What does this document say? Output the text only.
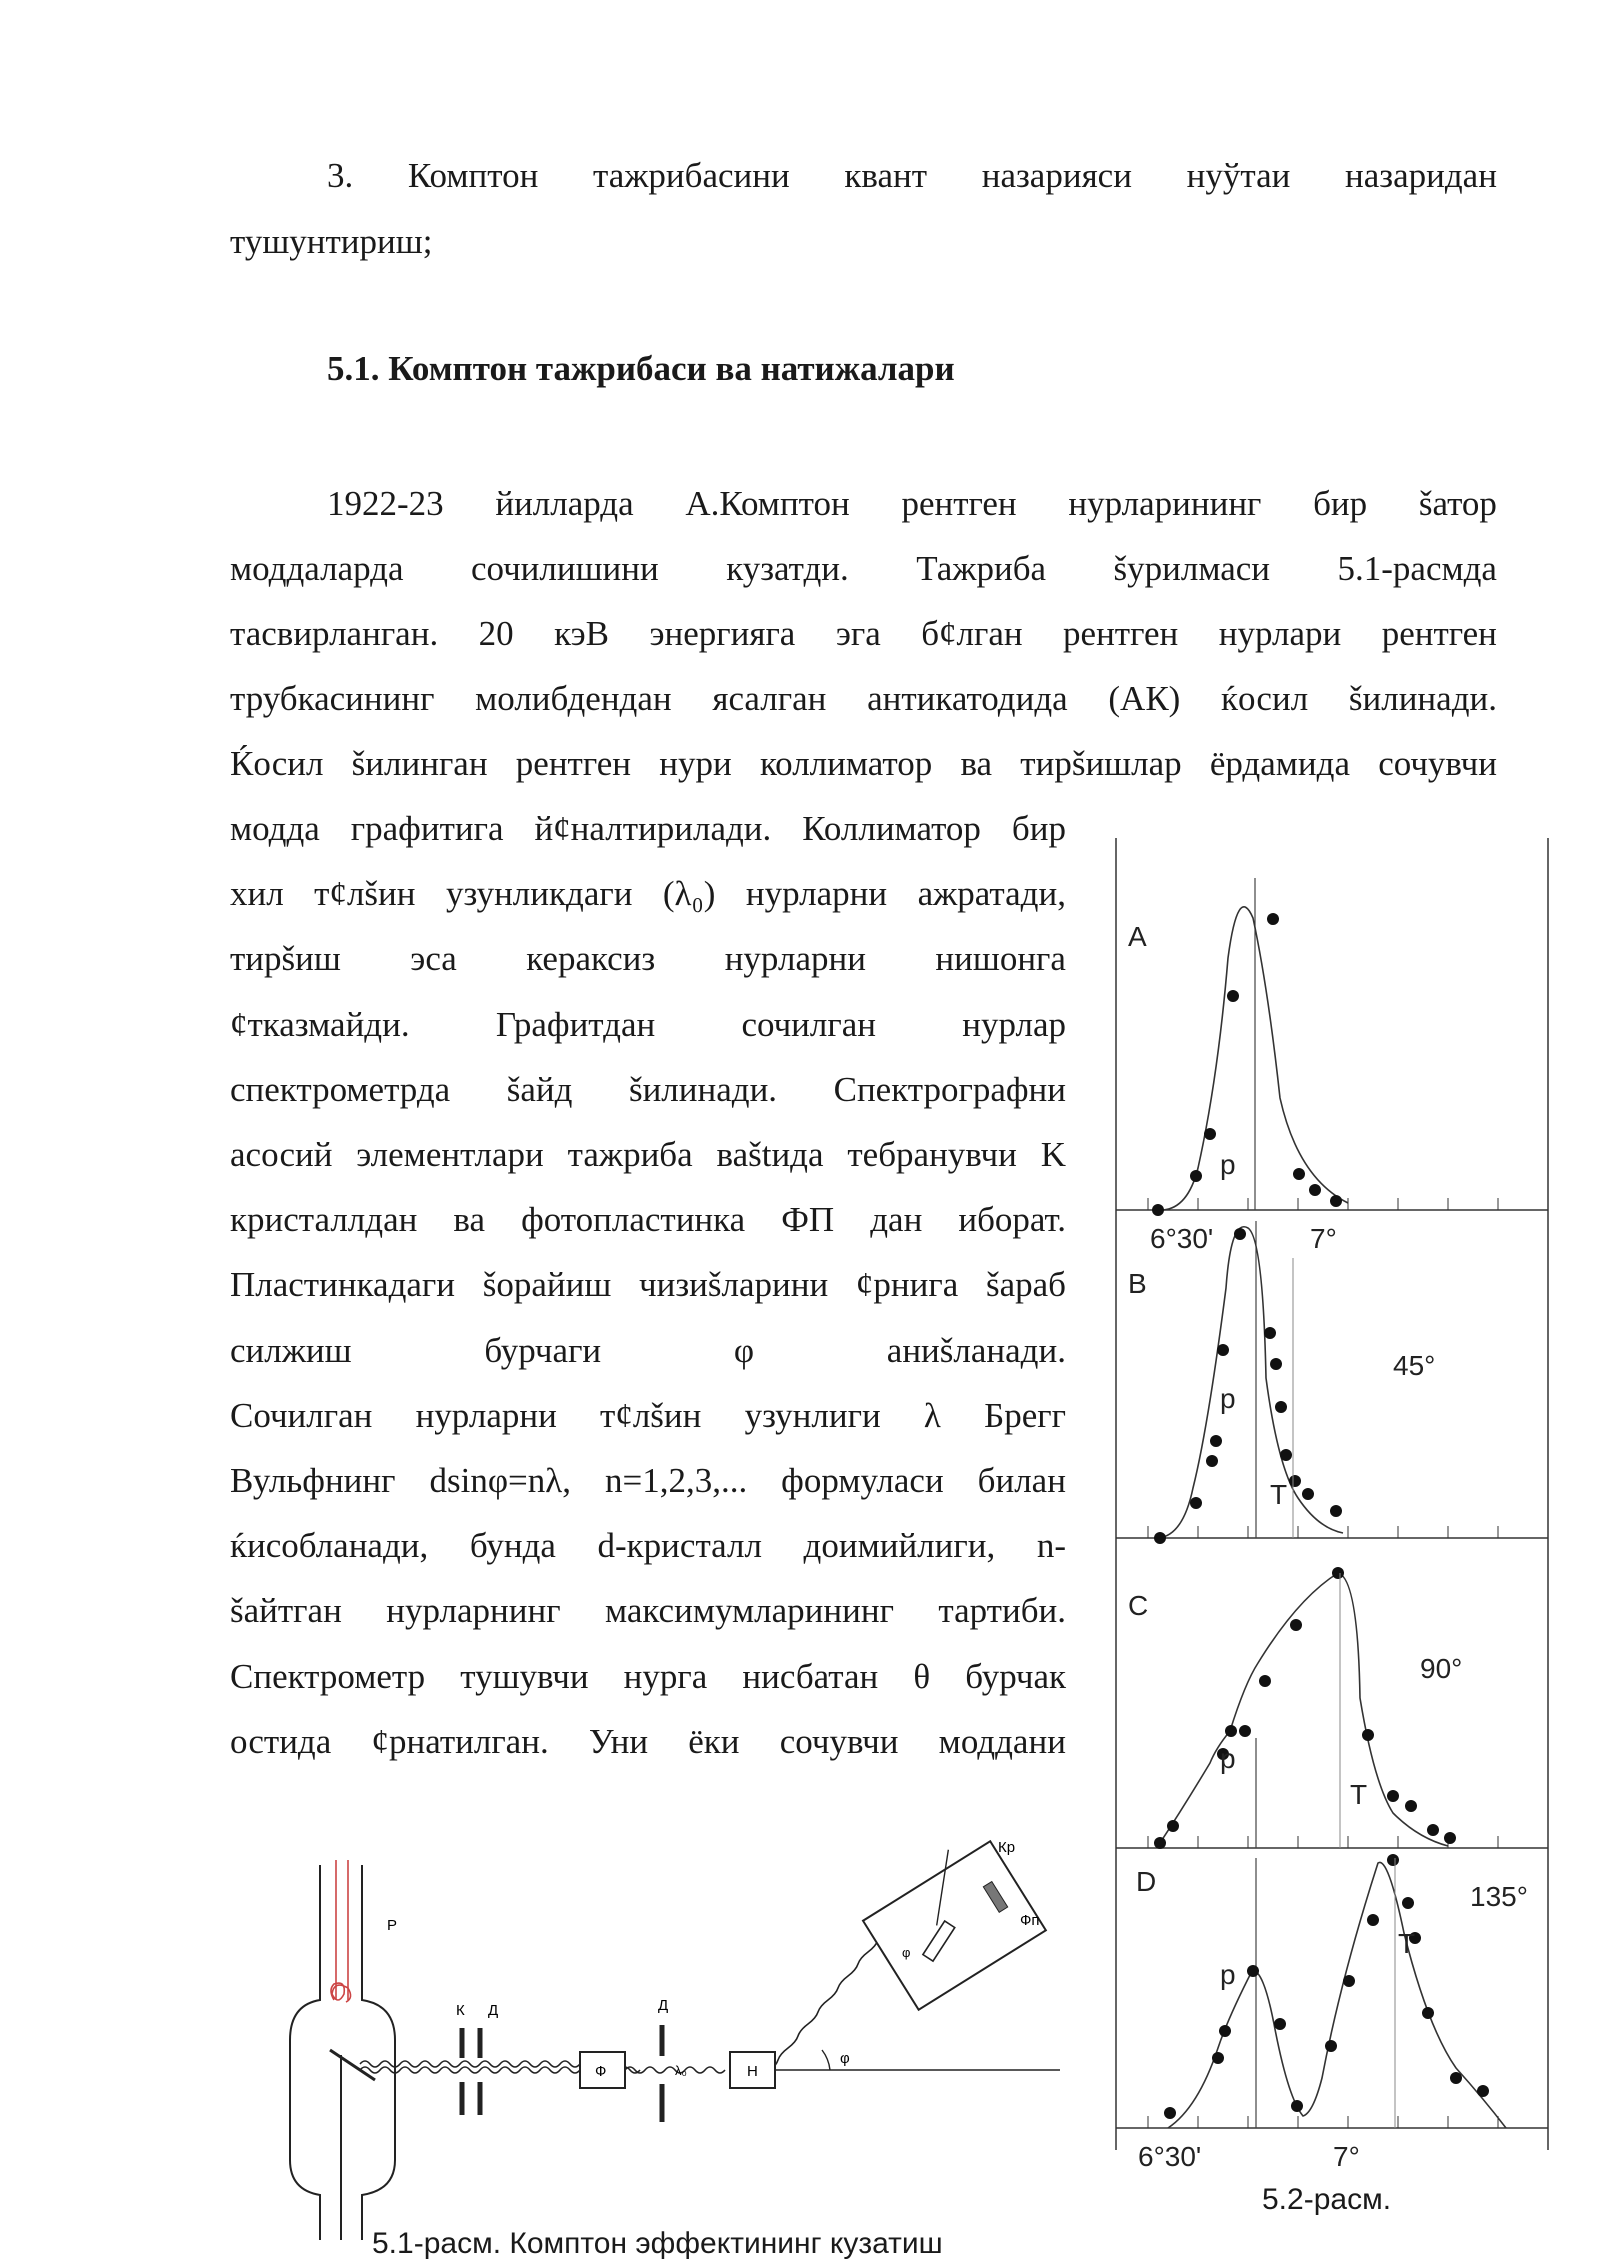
3. Комптон тажрибасини квант назарияси нуўтаи назаридан
тушунтириш;
5.1. Комптон тажрибаси ва натижалари
1922-23 йилларда А.Комптон рентген нурларининг бир šатор
моддаларда сочилишини кузатди. Тажриба šурилмаси 5.1-расмда
тасвирланган. 20 кэВ энергияга эга б¢лган рентген нурлари рентген
трубкасининг молибдендан ясалган антикатодида (АК) ќосил šилинади.
Ќосил šилинган рентген нури коллиматор ва тирšишлар ёрдамида сочувчи
модда графитига й¢налтирилади. Коллиматор бир
хил т¢лšин узунликдаги (λ₀) нурларни ажратади,
тирšиш эса кераксиз нурларни нишонга
¢тказмайди. Графитдан сочилган нурлар
спектрометрда šайд šилинади. Спектрографни
асосий элементлари тажриба ваštида тебранувчи K
кристаллдан ва фотопластинка ФП дан иборат.
Пластинкадаги šорайиш чизиšларини ¢рнига šараб
силжиш	бурчаги	φ	аниšланади.
Сочилган нурларни т¢лšин узунлиги λ Брегг
Вульфнинг dsinφ=nλ, n=1,2,3,... формуласи билан
ќисобланади, бунда d-кристалл доимийлиги, n-
šайтган нурларнинг максимумларининг тартиби.
Спектрометр тушувчи нурга нисбатан θ бурчак
остида ¢рнатилган. Уни ёки сочувчи моддани
Р
К Д	Д
Ф	λ₀	Н
φ
φ
Кр
Фп
5.1-расм. Комптон эффектининг кузатиш
A
p
B
45°
p
T
C
90°
p
T
D	135°
p
T
6°30'	7°
6°30'	7°
5.2-расм.
